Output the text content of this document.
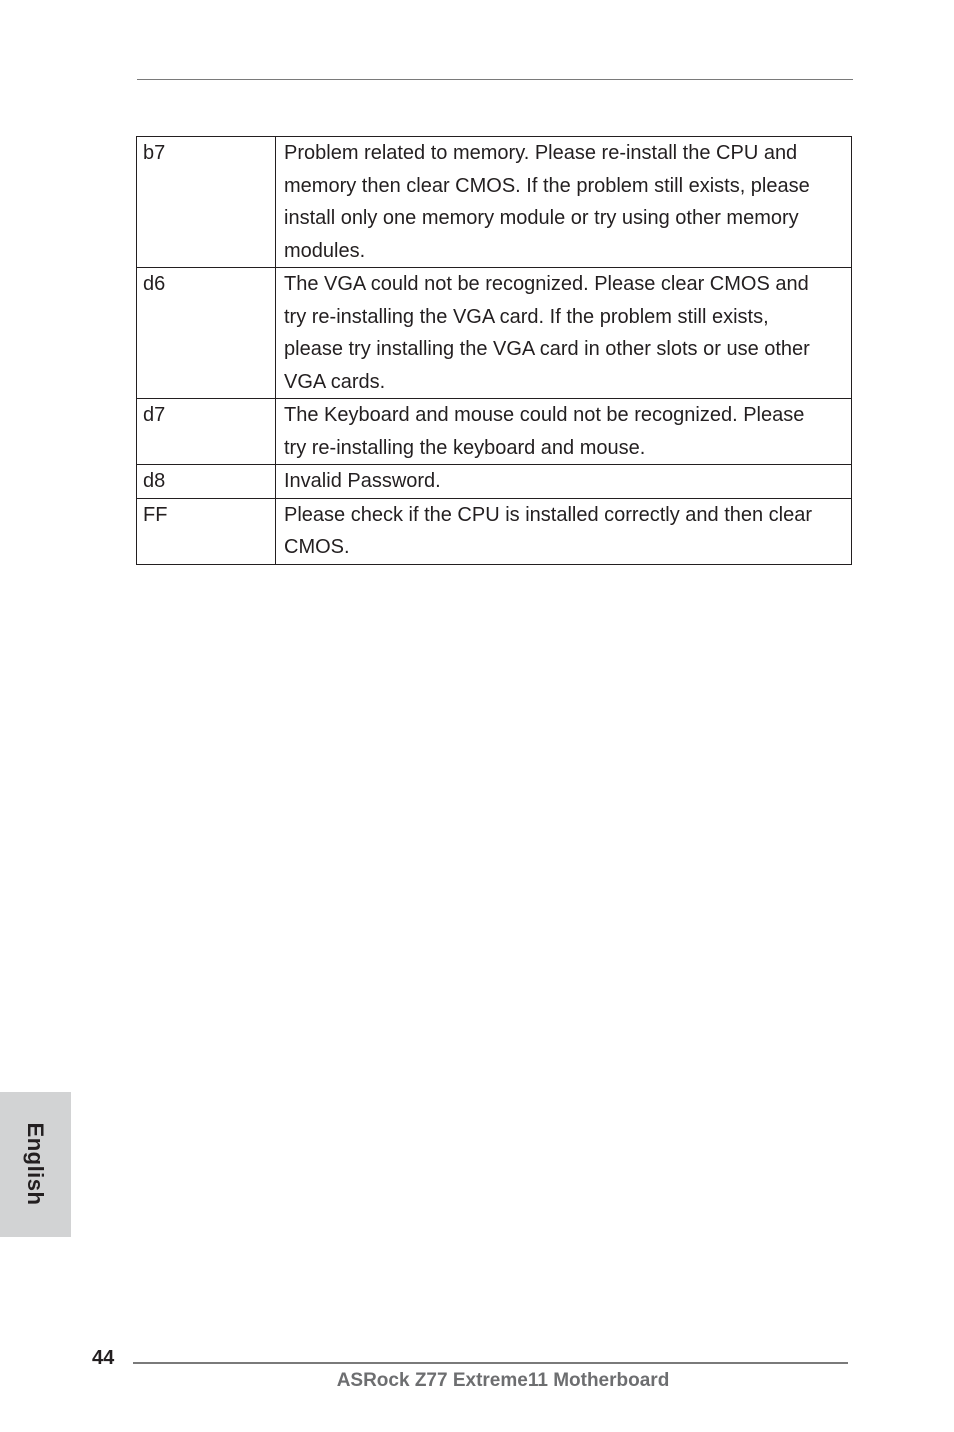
b7	Problem related to memory. Please re-install the CPU and
memory then clear CMOS. If the problem still exists, please
install only one memory module or try using other memory
modules.
d6	The VGA could not be recognized. Please clear CMOS and
try re-installing the VGA card. If the problem still exists,
please try installing the VGA card in other slots or use other
VGA cards.
d7	The Keyboard and mouse could not be recognized. Please
try re-installing the keyboard and mouse.
d8	Invalid Password.
FF	Please check if the CPU is installed correctly and then clear
CMOS.
English
44
ASRock Z77 Extreme11 Motherboard
